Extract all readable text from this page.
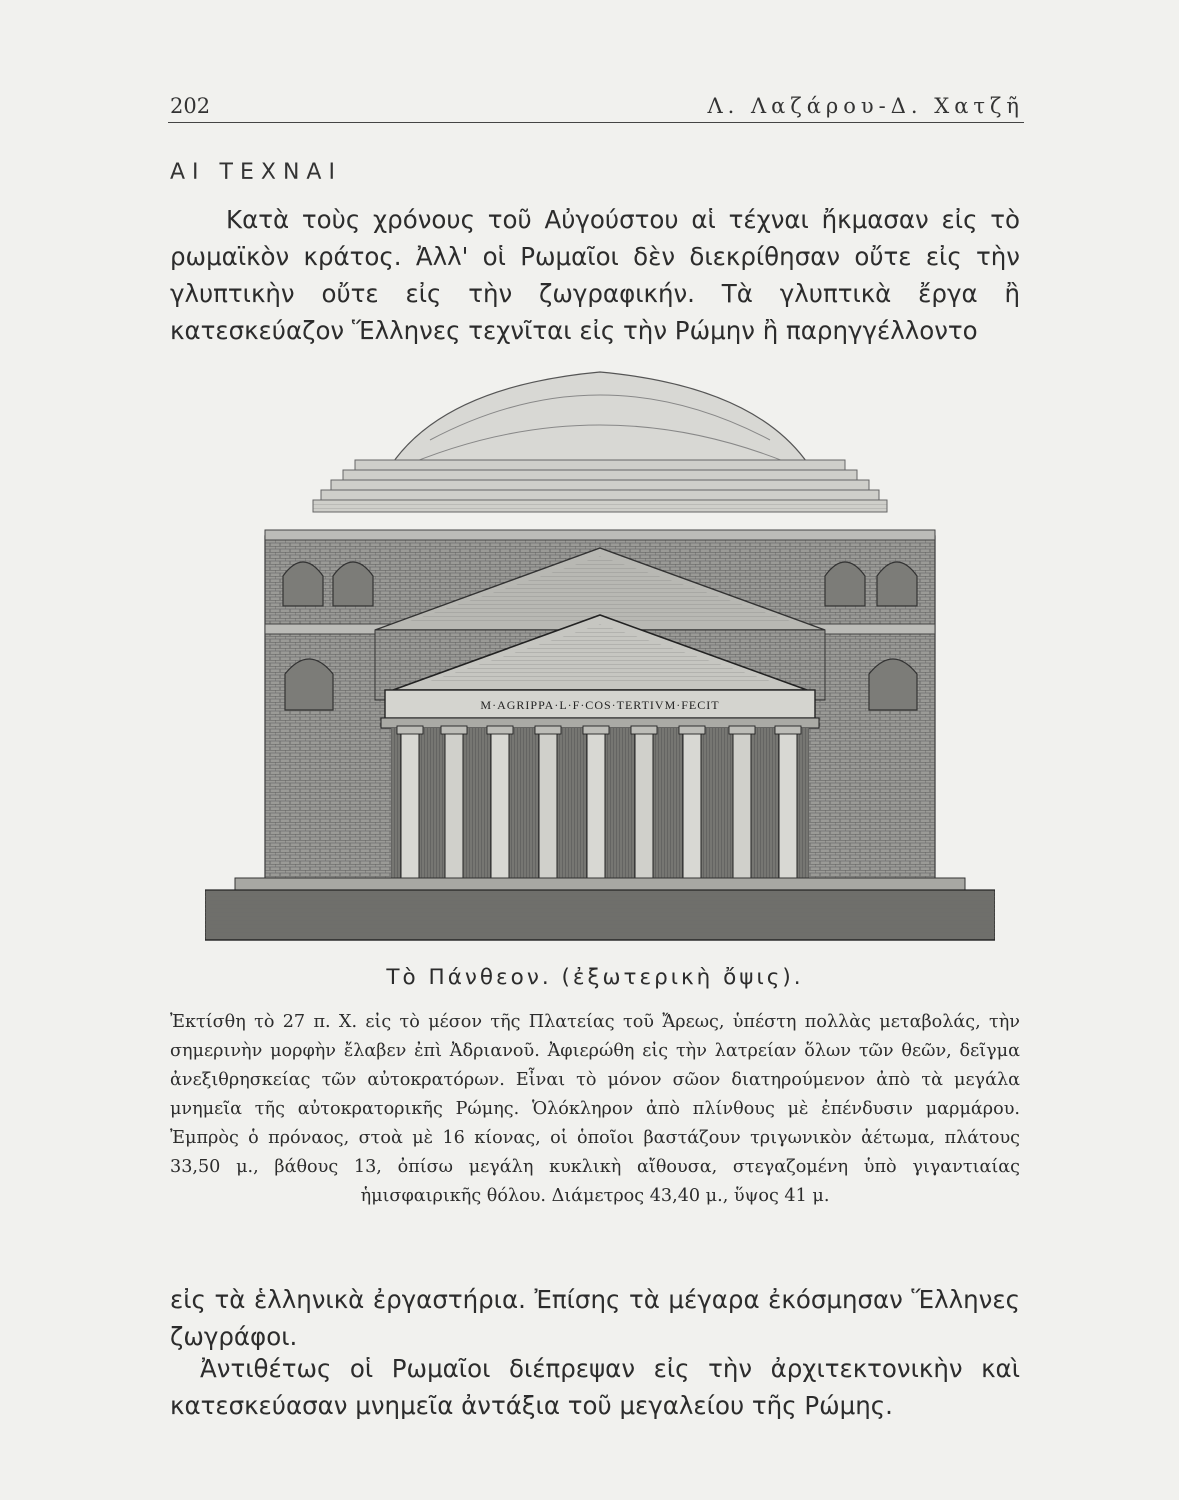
202	Λ. Λαζάρου-Δ. Χατζῆ
ΑΙ ΤΕΧΝΑΙ

Κατὰ τοὺς χρόνους τοῦ Αὐγούστου αἱ τέχναι ἤκμασαν εἰς τὸ ρωμαϊκὸν κράτος. Ἀλλ' οἱ Ρωμαῖοι δὲν διεκρίθησαν οὔτε εἰς τὴν γλυπτικὴν οὔτε εἰς τὴν ζωγραφικήν. Τὰ γλυπτικὰ ἔργα ἢ κατεσκεύαζον Ἕλληνες τεχνῖται εἰς τὴν Ρώμην ἢ παρηγγέλλοντο

M·AGRIPPA·L·F·COS·TERTIVM·FECIT
Τὸ Πάνθεον. (ἐξωτερικὴ ὄψις).
Ἐκτίσθη τὸ 27 π. Χ. εἰς τὸ μέσον τῆς Πλατείας τοῦ Ἄρεως, ὑπέστη πολλὰς μεταβολάς, τὴν σημερινὴν μορφὴν ἔλαβεν ἐπὶ Ἀδριανοῦ. Ἀφιερώθη εἰς τὴν λατρείαν ὅλων τῶν θεῶν, δεῖγμα ἀνεξιθρησκείας τῶν αὐτοκρατόρων. Εἶναι τὸ μόνον σῶον διατηρούμενον ἀπὸ τὰ μεγάλα μνημεῖα τῆς αὐτοκρατορικῆς Ρώμης. Ὁλόκληρον ἀπὸ πλίνθους μὲ ἐπένδυσιν μαρμάρου. Ἐμπρὸς ὁ πρόναος, στοὰ μὲ 16 κίονας, οἱ ὁποῖοι βαστάζουν τριγωνικὸν ἀέτωμα, πλάτους 33,50 μ., βάθους 13, ὀπίσω μεγάλη κυκλικὴ αἴθουσα, στεγαζομένη ὑπὸ γιγαντιαίας ἡμισφαιρικῆς θόλου. Διάμετρος 43,40 μ., ὕψος 41 μ.

εἰς τὰ ἑλληνικὰ ἐργαστήρια. Ἐπίσης τὰ μέγαρα ἐκόσμησαν Ἕλληνες ζωγράφοι.

Ἀντιθέτως οἱ Ρωμαῖοι διέπρεψαν εἰς τὴν ἀρχιτεκτονικὴν καὶ κατεσκεύασαν μνημεῖα ἀντάξια τοῦ μεγαλείου τῆς Ρώμης.
